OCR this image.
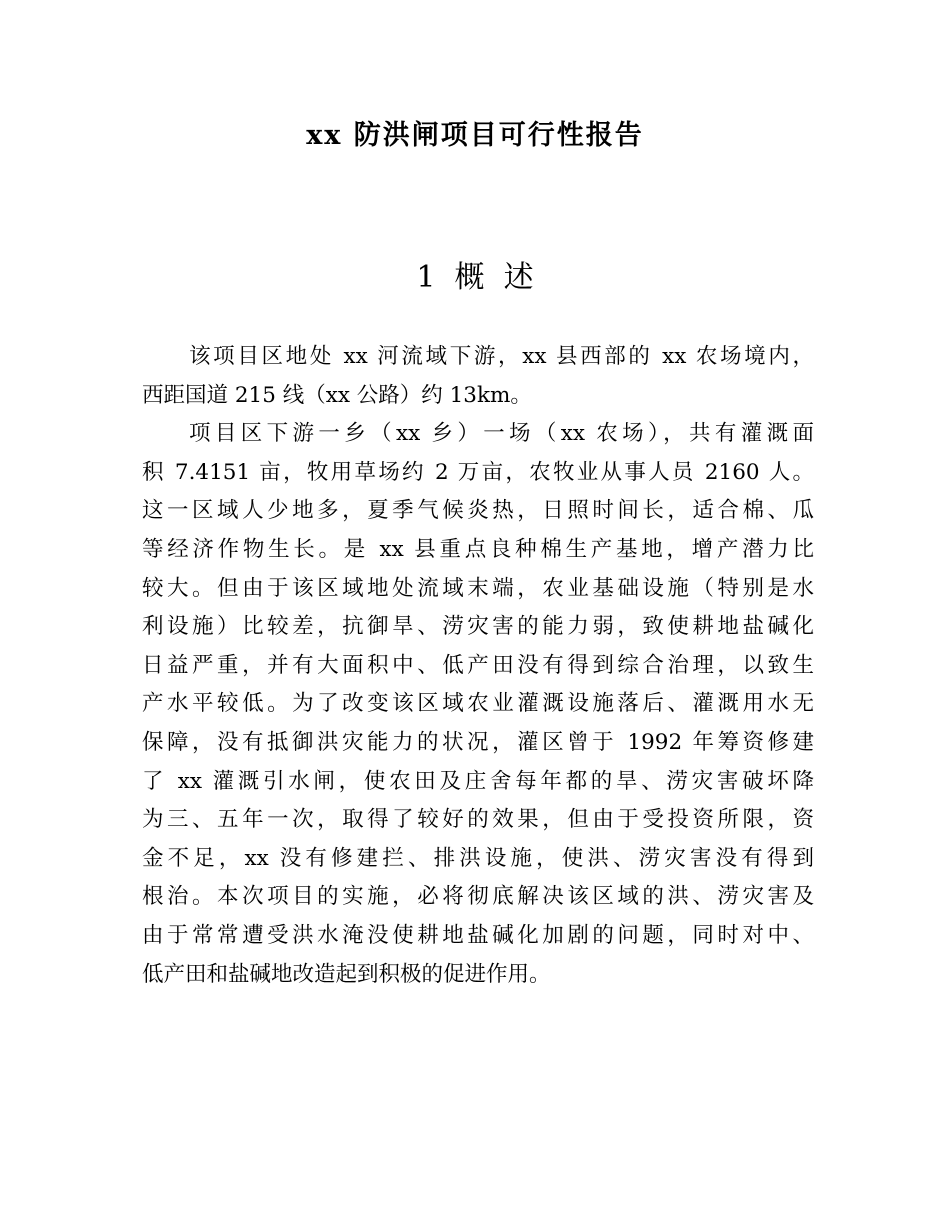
xx 防洪闸项目可行性报告
1  概  述
该项目区地处 xx 河流域下游，xx 县西部的 xx 农场境内，
西距国道 215 线（xx 公路）约 13km。
项目区下游一乡（xx 乡）一场（xx 农场），共有灌溉面
积 7.4151 亩，牧用草场约 2 万亩，农牧业从事人员 2160 人。
这一区域人少地多，夏季气候炎热，日照时间长，适合棉、瓜
等经济作物生长。是 xx 县重点良种棉生产基地，增产潜力比
较大。但由于该区域地处流域末端，农业基础设施（特别是水
利设施）比较差，抗御旱、涝灾害的能力弱，致使耕地盐碱化
日益严重，并有大面积中、低产田没有得到综合治理，以致生
产水平较低。为了改变该区域农业灌溉设施落后、灌溉用水无
保障，没有抵御洪灾能力的状况，灌区曾于 1992 年筹资修建
了 xx 灌溉引水闸，使农田及庄舍每年都的旱、涝灾害破坏降
为三、五年一次，取得了较好的效果，但由于受投资所限，资
金不足，xx 没有修建拦、排洪设施，使洪、涝灾害没有得到
根治。本次项目的实施，必将彻底解决该区域的洪、涝灾害及
由于常常遭受洪水淹没使耕地盐碱化加剧的问题，同时对中、
低产田和盐碱地改造起到积极的促进作用。
